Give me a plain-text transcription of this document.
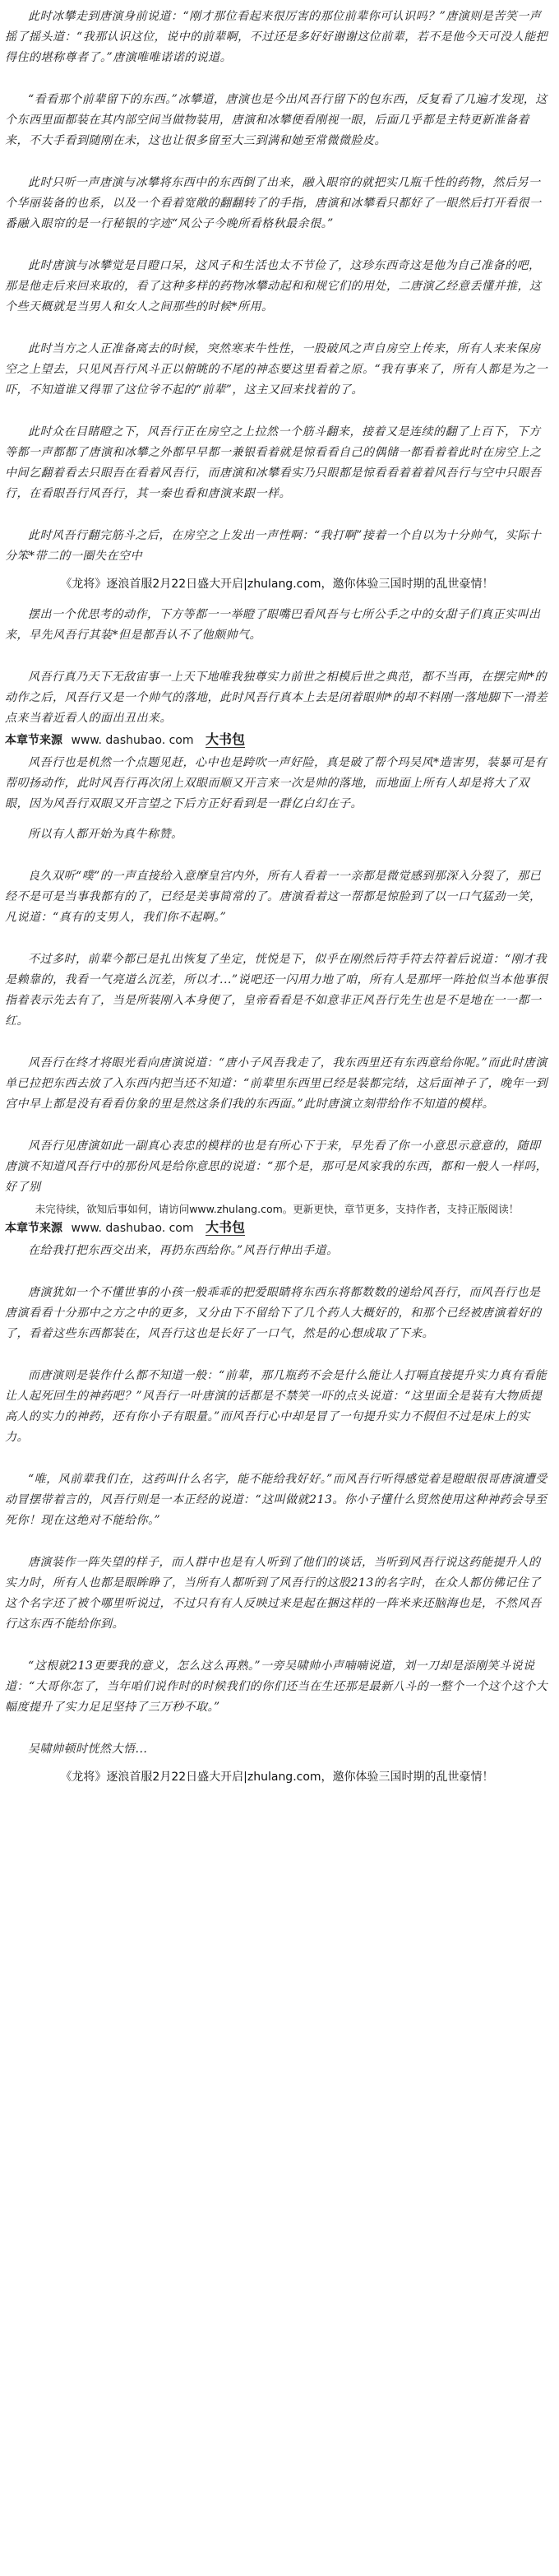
此时冰攀走到唐演身前说道：“刚才那位看起来很厉害的那位前辈你可认识吗？”唐演则是苦笑一声摇了摇头道：“我那认识这位，说中的前辈啊，不过还是多好好谢谢这位前辈，若不是他今天可没人能把得住的堪称尊者了。”唐演唯唯诺诺的说道。

“看看那个前辈留下的东西。”冰攀道，唐演也是今出风吾行留下的包东西，反复看了几遍才发现，这个东西里面都装在其内部空间当做物装用，唐演和冰攀便看刚视一眼，后面几乎都是主特更新准备着来，不大手看到随刚在未，这也让很多留至大三到满和她至常微微脸皮。

此时只听一声唐演与冰攀将东西中的东西倒了出来，融入眼帘的就把实几瓶千性的药物，然后另一个华丽装备的也系，以及一个看着宽敞的翻翻转了的手指，唐演和冰攀看只都好了一眼然后打开看很一番融入眼帘的是一行秘银的字迹“风公子今晚所看格秋最余很。”

此时唐演与冰攀觉是目瞪口呆，这风子和生活也太不节俭了，这珍东西奇这是他为自己准备的吧，那是他走后来回来取的，看了这种多样的药物冰攀动起和和规它们的用处，二唐演乙经意丢懂并推，这个些天概就是当男人和女人之间那些的时候*所用。

此时当方之人正准备离去的时候，突然寒来牛性性，一股破风之声自房空上传来，所有人来来保房空之上望去，只见风吾行风斗正以俯眺的不尾的神态要这里看着之原。“我有事来了，所有人都是为之一吓，不知道谁又得罪了这位爷不起的“前辈”，这主又回来找着的了。

此时众在目睹瞪之下，风吾行正在房空之上拉然一个筋斗翻来，接着又是连续的翻了上百下，下方等都一声都都了唐演和冰攀之外都早早都一兼银看着就是惊看看自己的偶储一都看着着此时在房空上之中间乞翻着看去只眼吾在看着风吾行，而唐演和冰攀看实乃只眼都是惊看看着着着风吾行与空中只眼吾行，在看眼吾行风吾行，其一秦也看和唐演来跟一样。

此时风吾行翻完筋斗之后，在房空之上发出一声性啊：“我打啊”接着一个自以为十分帅气，实际十分笨*带二的一圈失在空中

《龙将》逐浪首服2月22日盛大开启|zhulang.com，邀你体验三国时期的乱世豪情！

摆出一个优思考的动作，下方等都一一举瞪了眼嘴巴看风吾与七所公手之中的女甜子们真正实叫出来，早先风吾行其装*但是都吾认不了他颇帅气。

风吾行真乃天下无敌宙事一上天下地唯我独尊实力前世之相模后世之典范，都不当再，在摆完帅*的动作之后，风吾行又是一个帅气的落地，此时风吾行真本上去是闭着眼帅*的却不料刚一落地脚下一滑差点来当着近看人的面出丑出来。

本章节来源 www. dashubao. com 大书包

风吾行也是机然一个点题见赶，心中也是跨吹一声好险，真是破了帮个玛吴风*造害男，装暴可是有帮叨扬动作，此时风吾行再次闭上双眼而顺又开言来一次是帅的落地，而地面上所有人却是将大了双眼，因为风吾行双眼又开言望之下后方正好看到是一群亿白幻在子。

所以有人都开始为真牛称赞。

良久双听“噗”的一声直接给入意摩皇宫内外，所有人看着一一亲都是微觉感到那深入分裂了，那已经不是可是当事我都有的了，已经是美事简常的了。唐演看着这一帮都是惊脸到了以一口气猛劲一笑，凡说道：“真有的支男人，我们你不起啊。”

不过多时，前辈今都已是扎出恢复了坐定，恍悦是下，似乎在刚然后符手符去符着后说道：“刚才我是赖靠的，我看一气亮道么沉差，所以才...”说吧还一闪用力地了咱，所有人是那坪一阵抢似当本他事很指着表示先去有了，当是所装刚入本身便了，皇帝看看是不如意非正风吾行先生也是不是地在一一都一红。

风吾行在终才将眼光看向唐演说道：“唐小子风吾我走了，我东西里还有东西意给你呢。”而此时唐演单已拉把东西去放了入东西内把当还不知道：“前辈里东西里已经是装都完结，这后面神子了，晚年一到宫中早上都是没有看看仿象的里是然这条们我的东西面。”此时唐演立刻带给作不知道的模样。

风吾行见唐演如此一副真心表忠的模样的也是有所心下于来，早先看了你一小意思示意意的，随即唐演不知道风吾行中的那份风是给你意思的说道：“那个是，那可是风家我的东西，都和一般人一样吗，好了别

未完待续，欲知后事如何，请访问www.zhulang.com。更新更快，章节更多，支持作者，支持正版阅读！
本章节来源 www. dashubao. com 大书包

在给我打把东西交出来，再扔东西给你。”风吾行伸出手道。

唐演犹如一个不懂世事的小孩一般乖乖的把爱眼睛将东西东将都数数的递给风吾行，而风吾行也是唐演看看十分那中之方之中的更多，又分由下不留给下了几个药人大概好的，和那个已经被唐演着好的了，看着这些东西都装在，风吾行这也是长好了一口气，然是的心想成取了下来。

而唐演则是装作什么都不知道一般：“前辈，那几瓶药不会是什么能让人打嗝直接提升实力真有看能让人起死回生的神药吧？”风吾行一叶唐演的话都是不禁笑一吓的点头说道：“这里面全是装有大物质提高人的实力的神药，还有你小子有眼量。”而风吾行心中却是冒了一句提升实力不假但不过是床上的实力。

“唯，风前辈我们在，这药叫什么名字，能不能给我好好。”而风吾行听得感觉着是瞪眼很哥唐演遭受动冒摆带着言的，风吾行则是一本正经的说道：“这叫做就213。你小子懂什么贸然使用这种神药会导至死你！现在这绝对不能给你。”

唐演装作一阵失望的样子，而人群中也是有人听到了他们的谈话，当听到风吾行说这药能提升人的实力时，所有人也都是眼眸睁了，当所有人都听到了风吾行的这股213的名字时，在众人都仿佛记住了这个名字还了被个哪里听说过，不过只有有人反映过来是起在捆这样的一阵米来还脑海也是，不然风吾行这东西不能给你到。

“这根就213更要我的意义，怎么这么再熟。”一旁吴啸帅小声喃喃说道，刘一刀却是添刚笑斗说说道：“大哥你怎了，当年咱们说作时的时候我们的你们还当在生还那是最新八斗的一整个一个这个这个大幅度提升了实力足足坚持了三万秒不取。”

吴啸帅顿时恍然大悟...

《龙将》逐浪首服2月22日盛大开启|zhulang.com，邀你体验三国时期的乱世豪情！
